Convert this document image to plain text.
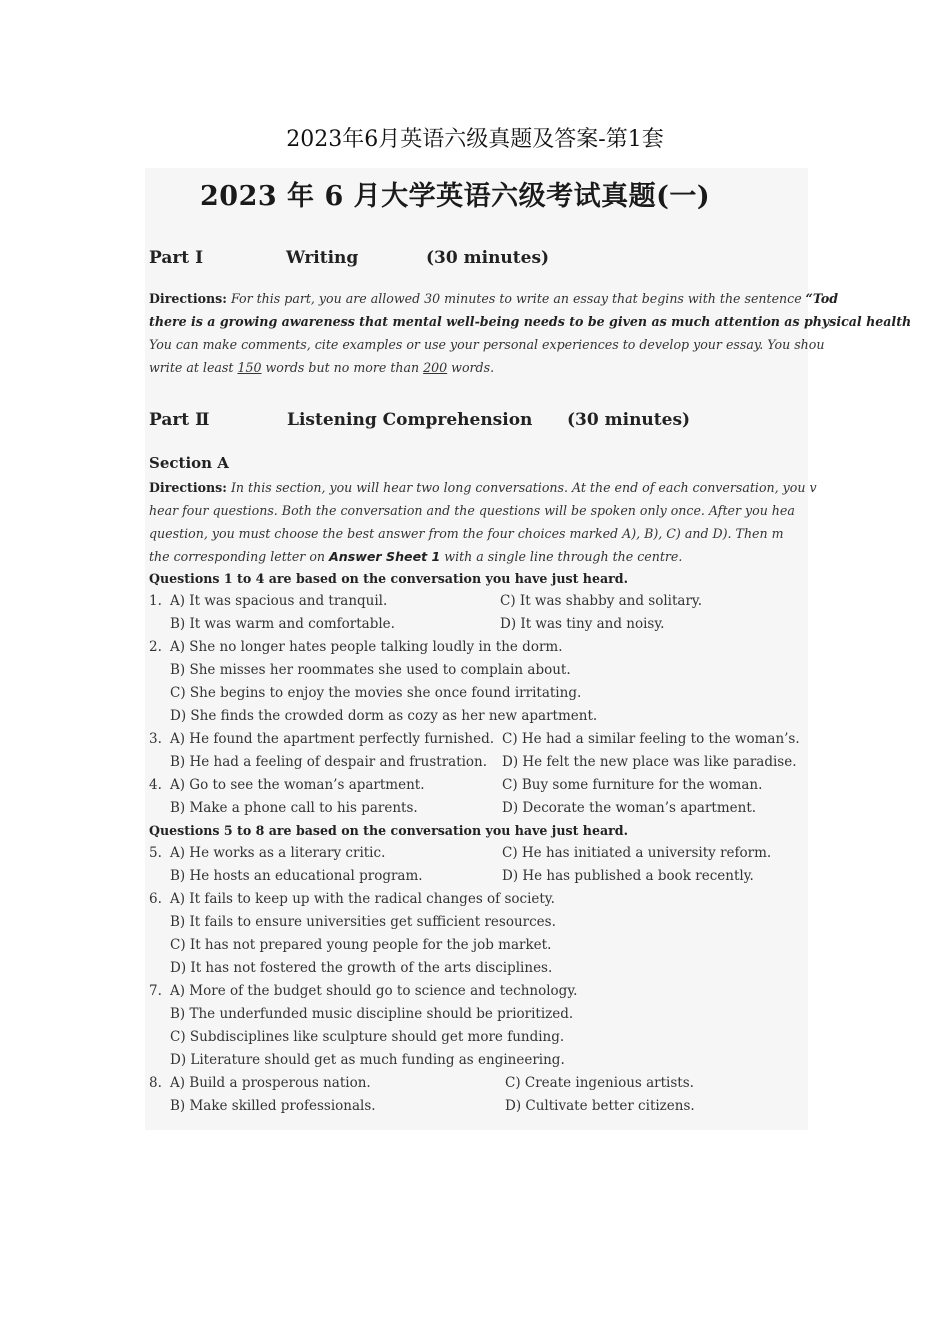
2023年6月英语六级真题及答案-第1套
2023 年 6 月大学英语六级考试真题(一)
Part Ⅰ	Writing	(30 minutes)
Directions: For this part, you are allowed 30 minutes to write an essay that begins with the sentence “Tod
there is a growing awareness that mental well-being needs to be given as much attention as physical health
You can make comments, cite examples or use your personal experiences to develop your essay. You shou
write at least 150 words but no more than 200 words.
Part Ⅱ	Listening Comprehension (30 minutes)
Section A
Directions: In this section, you will hear two long conversations. At the end of each conversation, you v
hear four questions. Both the conversation and the questions will be spoken only once. After you hea
question, you must choose the best answer from the four choices marked A), B), C) and D). Then m
the corresponding letter on Answer Sheet 1 with a single line through the centre.
Questions 1 to 4 are based on the conversation you have just heard.
1. A) It was spacious and tranquil.	C) It was shabby and solitary.
B) It was warm and comfortable.	D) It was tiny and noisy.
2. A) She no longer hates people talking loudly in the dorm.
B) She misses her roommates she used to complain about.
C) She begins to enjoy the movies she once found irritating.
D) She finds the crowded dorm as cozy as her new apartment.
3. A) He found the apartment perfectly furnished. C) He had a similar feeling to the woman’s.
B) He had a feeling of despair and frustration. D) He felt the new place was like paradise.
4. A) Go to see the woman’s apartment.	C) Buy some furniture for the woman.
B) Make a phone call to his parents.	D) Decorate the woman’s apartment.
Questions 5 to 8 are based on the conversation you have just heard.
5. A) He works as a literary critic.	C) He has initiated a university reform.
B) He hosts an educational program.	D) He has published a book recently.
6. A) It fails to keep up with the radical changes of society.
B) It fails to ensure universities get sufficient resources.
C) It has not prepared young people for the job market.
D) It has not fostered the growth of the arts disciplines.
7. A) More of the budget should go to science and technology.
B) The underfunded music discipline should be prioritized.
C) Subdisciplines like sculpture should get more funding.
D) Literature should get as much funding as engineering.
8. A) Build a prosperous nation.	C) Create ingenious artists.
B) Make skilled professionals.	D) Cultivate better citizens.
